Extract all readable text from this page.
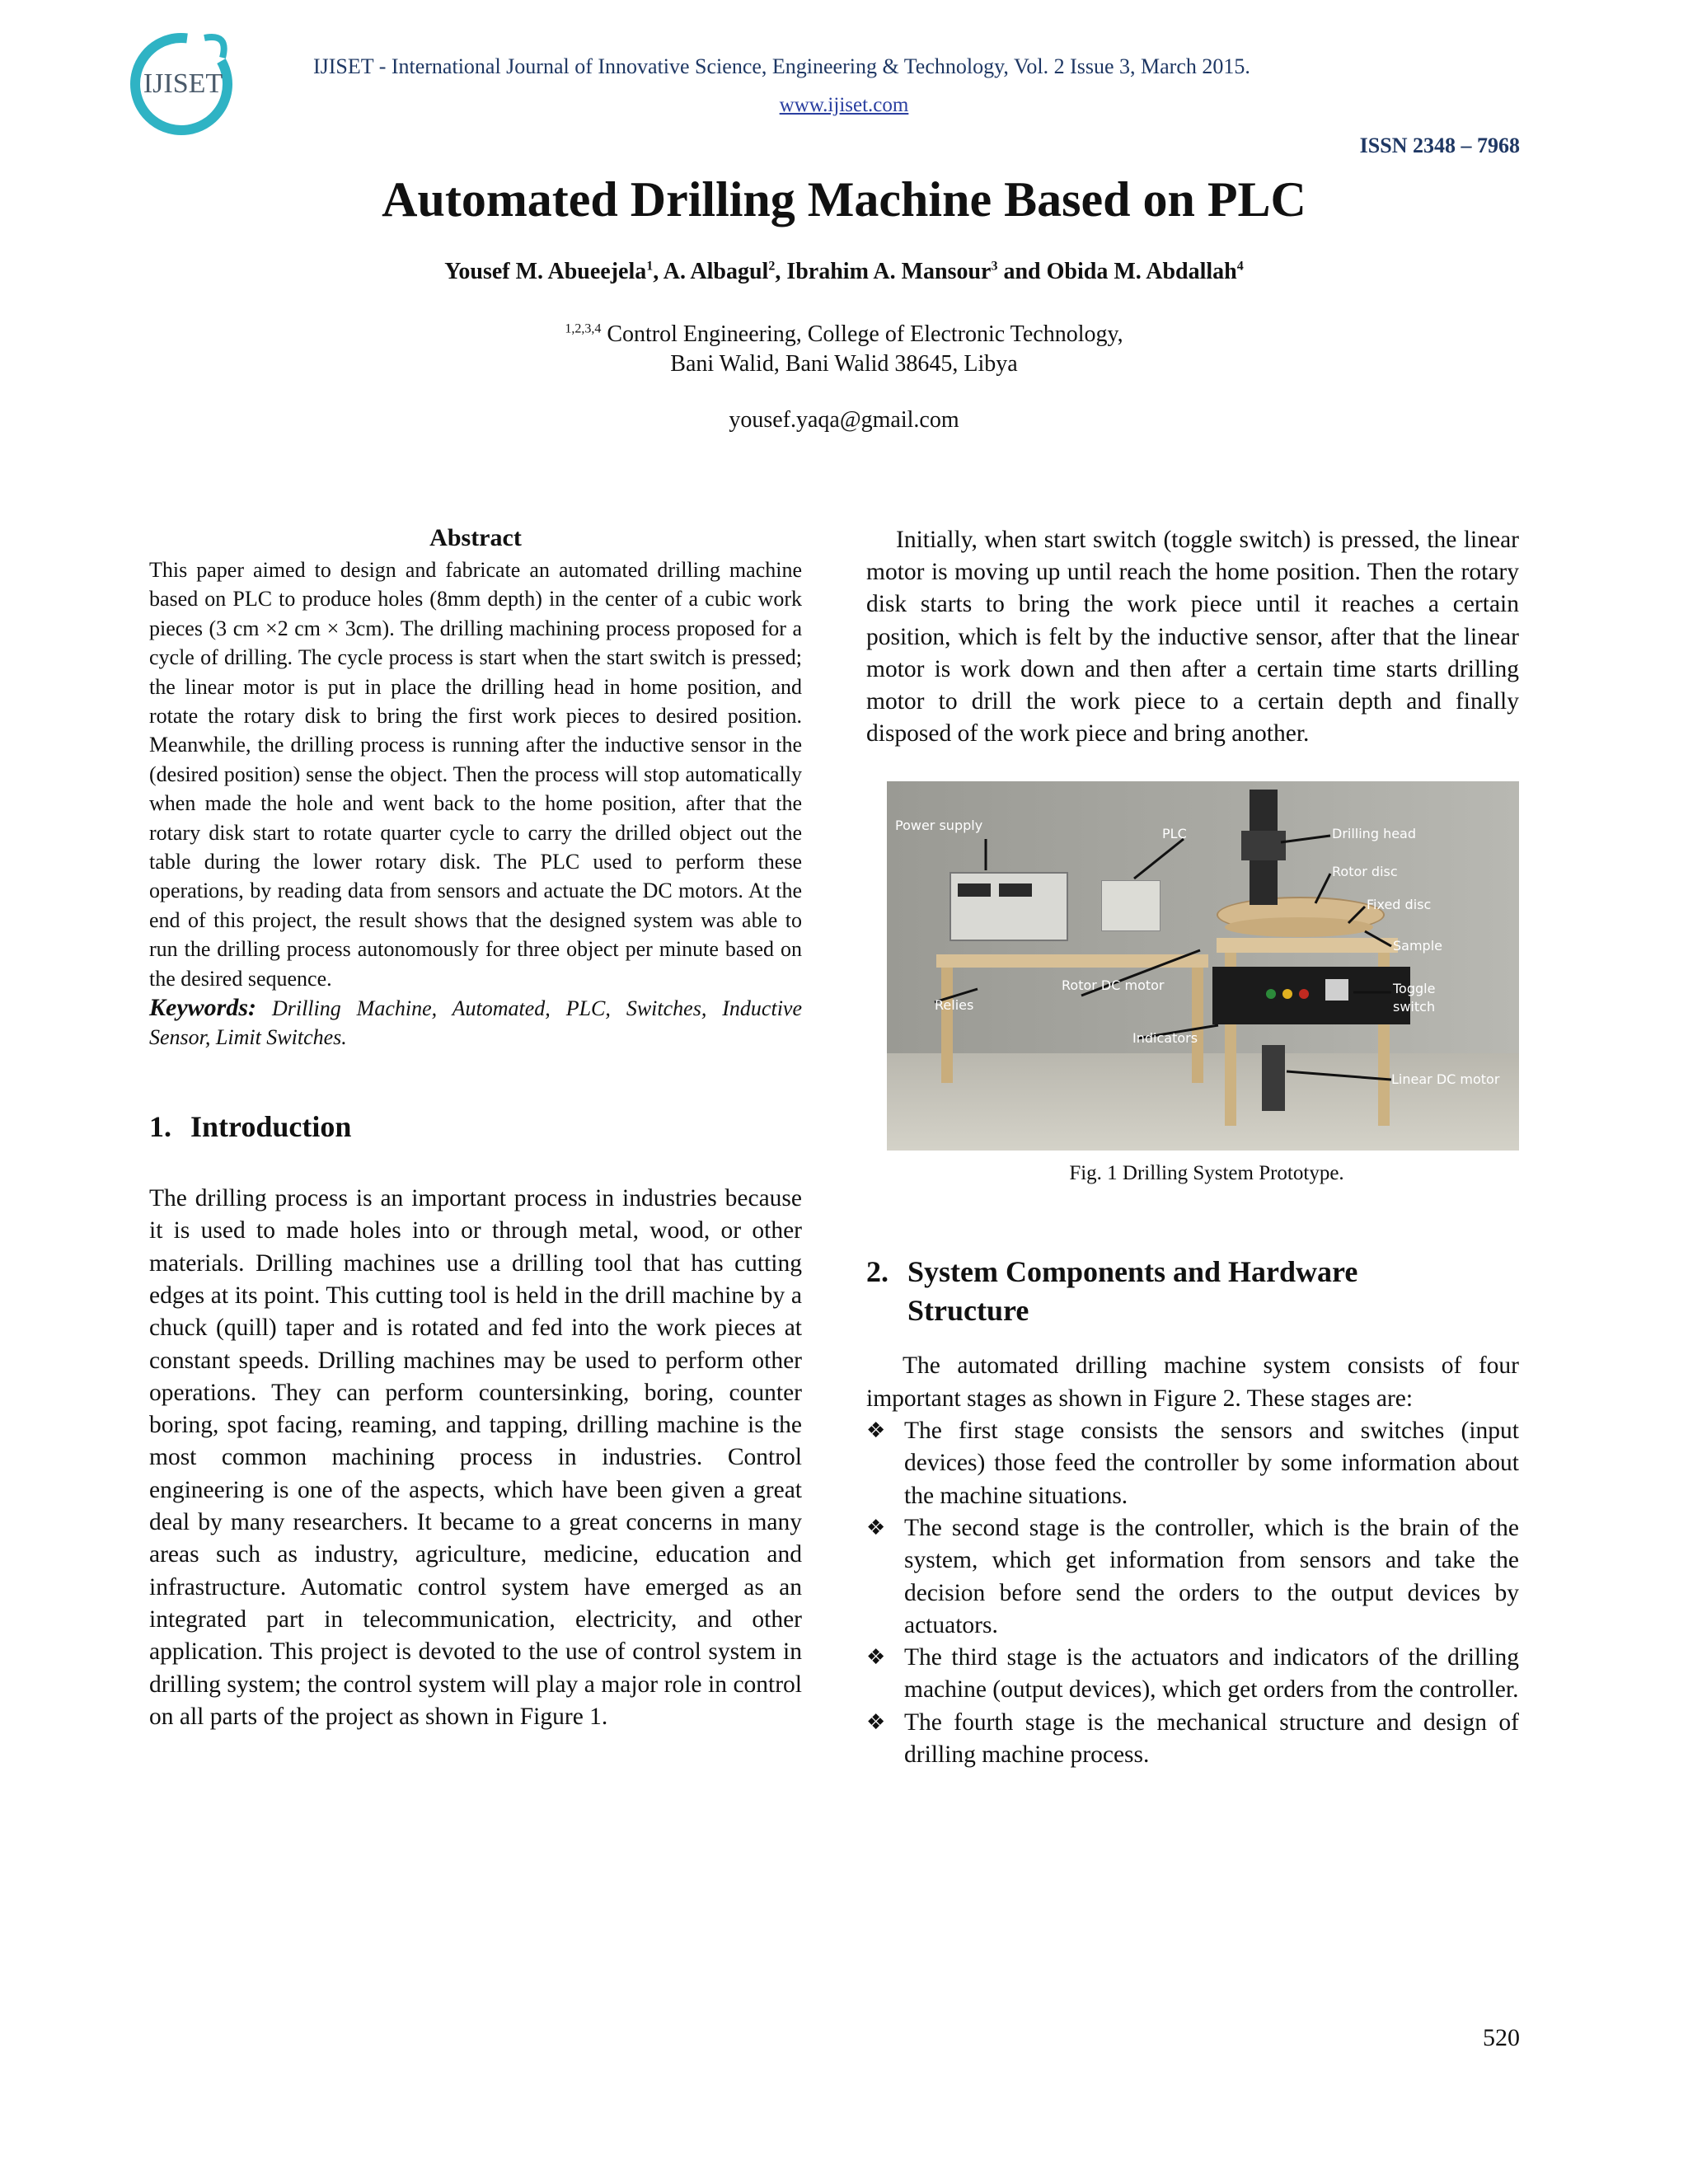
IJISET
IJISET - International Journal of Innovative Science, Engineering & Technology, Vol. 2 Issue 3, March 2015.
www.ijiset.com
ISSN 2348 – 7968
Automated Drilling Machine Based on PLC
Yousef M. Abueejela$^1$, A. Albagul$^2$, Ibrahim A. Mansour$^3$ and Obida M. Abdallah$^4$
$^{1,2,3,4}$ Control Engineering, College of Electronic Technology,
Bani Walid, Bani Walid 38645, Libya
yousef.yaqa@gmail.com
Abstract

This paper aimed to design and fabricate an automated drilling machine based on PLC to produce holes (8mm depth) in the center of a cubic work pieces (3 cm ×2 cm × 3cm). The drilling machining process proposed for a cycle of drilling. The cycle process is start when the start switch is pressed; the linear motor is put in place the drilling head in home position, and rotate the rotary disk to bring the first work pieces to desired position. Meanwhile, the drilling process is running after the inductive sensor in the (desired position) sense the object. Then the process will stop automatically when made the hole and went back to the home position, after that the rotary disk start to rotate quarter cycle to carry the drilled object out the table during the lower rotary disk. The PLC used to perform these operations, by reading data from sensors and actuate the DC motors. At the end of this project, the result shows that the designed system was able to run the drilling process autonomously for three object per minute based on the desired sequence.

Keywords: Drilling Machine, Automated, PLC, Switches, Inductive Sensor, Limit Switches.

1. Introduction
The drilling process is an important process in industries because it is used to made holes into or through metal, wood, or other materials. Drilling machines use a drilling tool that has cutting edges at its point. This cutting tool is held in the drill machine by a chuck (quill) taper and is rotated and fed into the work pieces at constant speeds. Drilling machines may be used to perform other operations. They can perform countersinking, boring, counter boring, spot facing, reaming, and tapping, drilling machine is the most common machining process in industries. Control engineering is one of the aspects, which have been given a great deal by many researchers. It became to a great concerns in many areas such as industry, agriculture, medicine, education and infrastructure. Automatic control system have emerged as an integrated part in telecommunication, electricity, and other application. This project is devoted to the use of control system in drilling system; the control system will play a major role in control on all parts of the project as shown in Figure 1.

Initially, when start switch (toggle switch) is pressed, the linear motor is moving up until reach the home position. Then the rotary disk starts to bring the work piece until it reaches a certain position, which is felt by the inductive sensor, after that the linear motor is work down and then after a certain time starts drilling motor to drill the work piece to a certain depth and finally disposed of the work piece and bring another.

Power supply
PLC	Drilling head
Rotor disc
Fixed disc
Sample
Relies
Rotor DC motor	Toggle
switch
Indicators
Linear DC motor
Fig. 1 Drilling System Prototype.
2. System Components and Hardware
Structure
The automated drilling machine system consists of four important stages as shown in Figure 2. These stages are:
❖ The first stage consists the sensors and switches (input devices) those feed the controller by some information about the machine situations.
❖ The second stage is the controller, which is the brain of the system, which get information from sensors and take the decision before send the orders to the output devices by actuators.
❖ The third stage is the actuators and indicators of the drilling machine (output devices), which get orders from the controller.
❖ The fourth stage is the mechanical structure and design of drilling machine process.
520
